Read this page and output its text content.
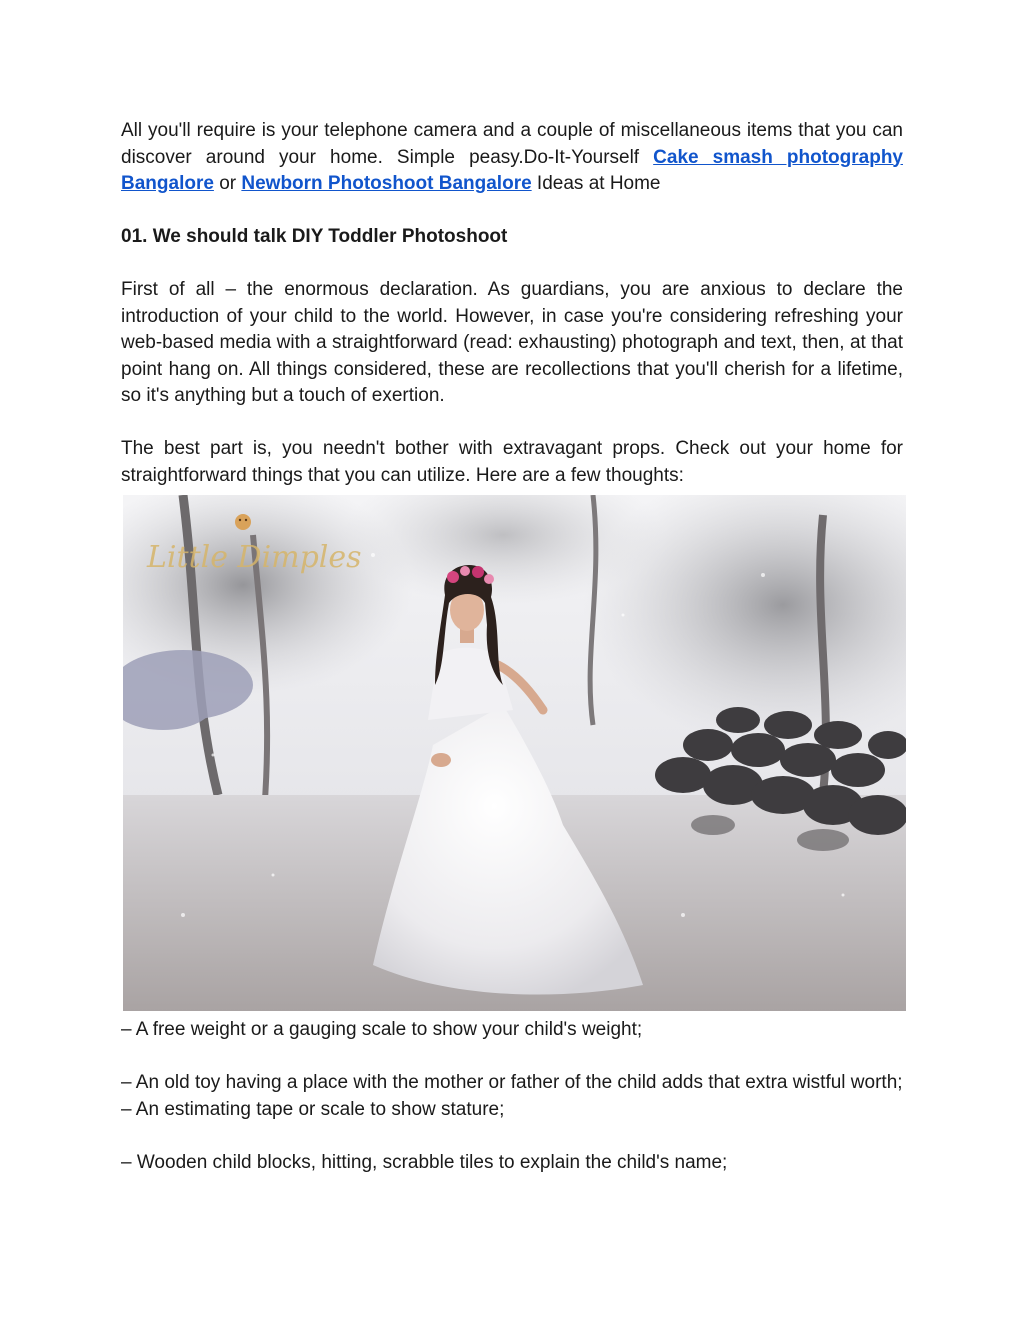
All you'll require is your telephone camera and a couple of miscellaneous items that you can discover around your home. Simple peasy.Do-It-Yourself Cake smash photography Bangalore or Newborn Photoshoot Bangalore Ideas at Home

01. We should talk DIY Toddler Photoshoot

First of all – the enormous declaration. As guardians, you are anxious to declare the introduction of your child to the world. However, in case you're considering refreshing your web-based media with a straightforward (read: exhausting) photograph and text, then, at that point hang on. All things considered, these are recollections that you'll cherish for a lifetime, so it's anything but a touch of exertion.

The best part is, you needn't bother with extravagant props. Check out your home for straightforward things that you can utilize. Here are a few thoughts:

Little Dimples

– A free weight or a gauging scale to show your child's weight;

– An old toy having a place with the mother or father of the child adds that extra wistful worth;

– An estimating tape or scale to show stature;

– Wooden child blocks, hitting, scrabble tiles to explain the child's name;
